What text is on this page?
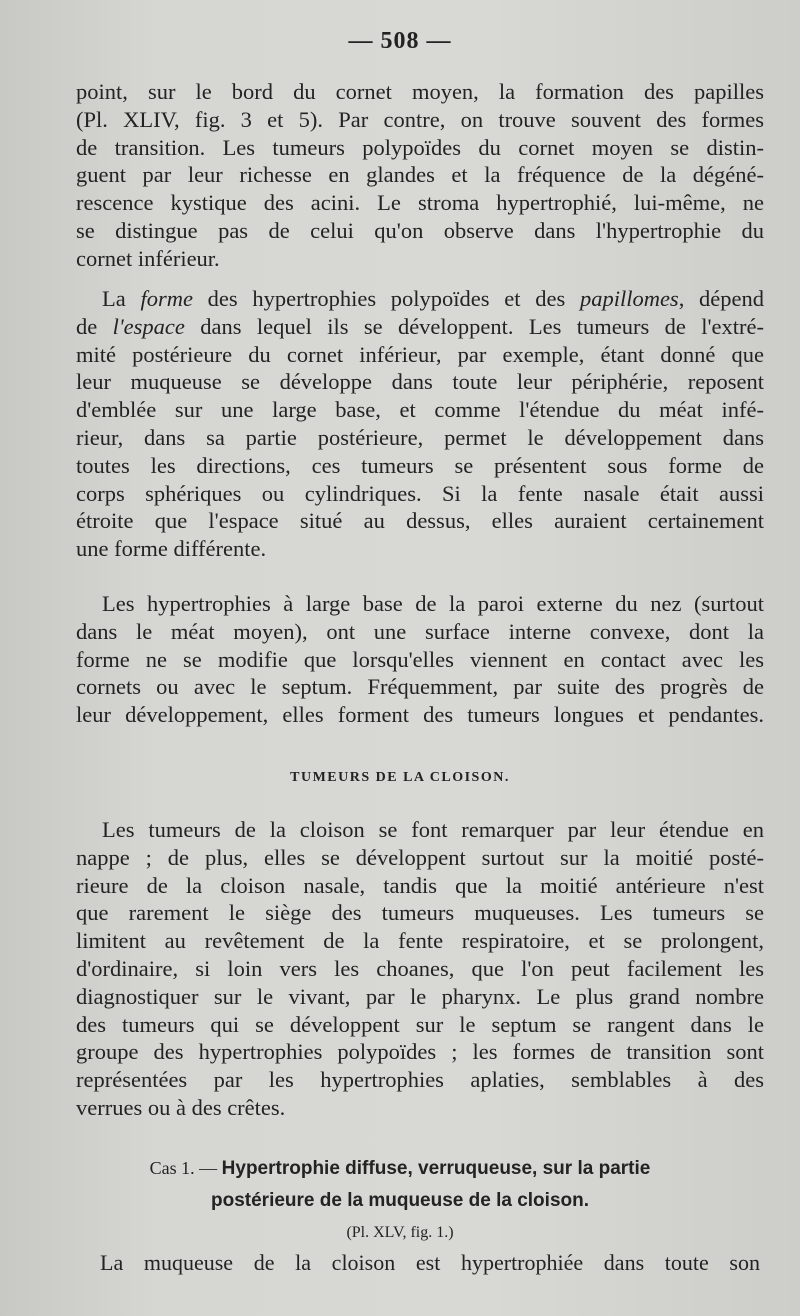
— 508 —
point, sur le bord du cornet moyen, la formation des papilles
(Pl. XLIV, fig. 3 et 5). Par contre, on trouve souvent des formes
de transition. Les tumeurs polypoïdes du cornet moyen se distin-
guent par leur richesse en glandes et la fréquence de la dégéné-
rescence kystique des acini. Le stroma hypertrophié, lui-même, ne
se distingue pas de celui qu'on observe dans l'hypertrophie du
cornet inférieur.
La forme des hypertrophies polypoïdes et des papillomes, dépend
de l'espace dans lequel ils se développent. Les tumeurs de l'extré-
mité postérieure du cornet inférieur, par exemple, étant donné que
leur muqueuse se développe dans toute leur périphérie, reposent
d'emblée sur une large base, et comme l'étendue du méat infé-
rieur, dans sa partie postérieure, permet le développement dans
toutes les directions, ces tumeurs se présentent sous forme de
corps sphériques ou cylindriques. Si la fente nasale était aussi
étroite que l'espace situé au dessus, elles auraient certainement
une forme différente.
Les hypertrophies à large base de la paroi externe du nez (surtout
dans le méat moyen), ont une surface interne convexe, dont la
forme ne se modifie que lorsqu'elles viennent en contact avec les
cornets ou avec le septum. Fréquemment, par suite des progrès de
leur développement, elles forment des tumeurs longues et pendantes.
TUMEURS DE LA CLOISON.
Les tumeurs de la cloison se font remarquer par leur étendue en
nappe ; de plus, elles se développent surtout sur la moitié posté-
rieure de la cloison nasale, tandis que la moitié antérieure n'est
que rarement le siège des tumeurs muqueuses. Les tumeurs se
limitent au revêtement de la fente respiratoire, et se prolongent,
d'ordinaire, si loin vers les choanes, que l'on peut facilement les
diagnostiquer sur le vivant, par le pharynx. Le plus grand nombre
des tumeurs qui se développent sur le septum se rangent dans le
groupe des hypertrophies polypoïdes ; les formes de transition sont
représentées par les hypertrophies aplaties, semblables à des
verrues ou à des crêtes.
Cas 1. — Hypertrophie diffuse, verruqueuse, sur la partie
postérieure de la muqueuse de la cloison.
(Pl. XLV, fig. 1.)
La muqueuse de la cloison est hypertrophiée dans toute son
